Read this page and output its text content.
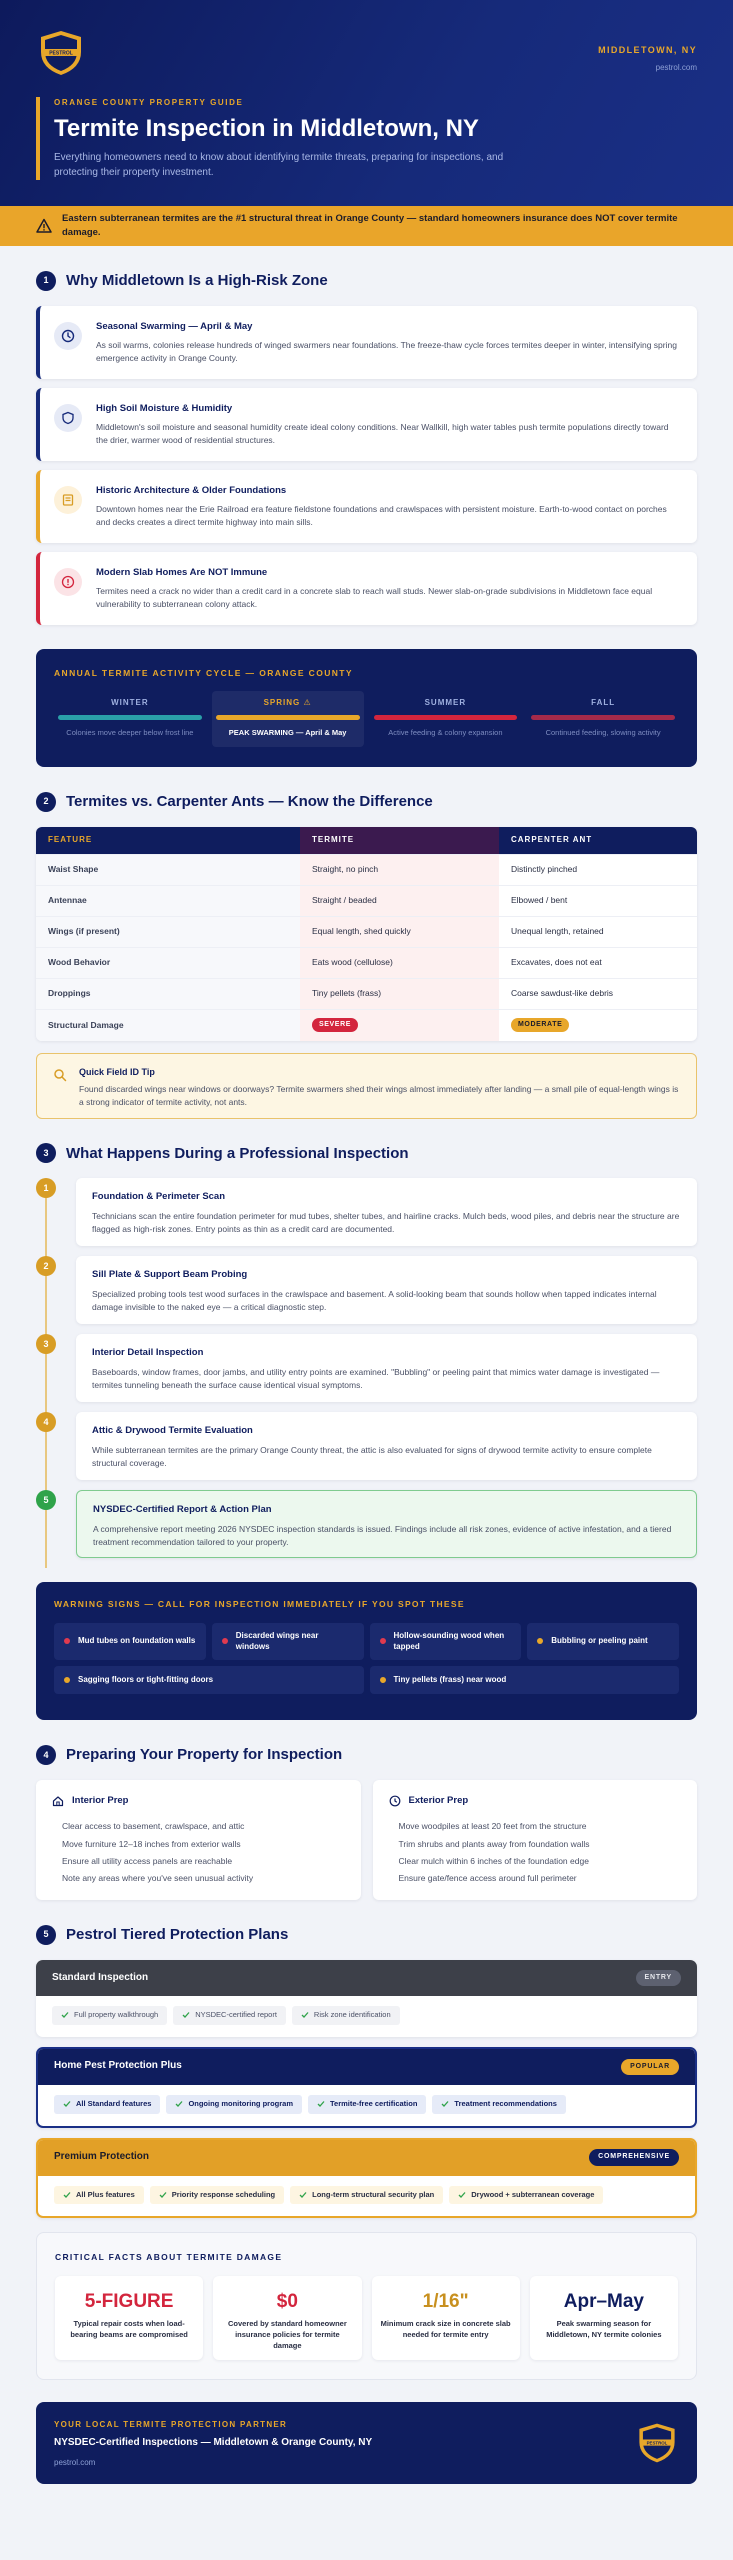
PESTROL	MIDDLETOWN, NY
pestrol.com
ORANGE COUNTY PROPERTY GUIDE
Termite Inspection in Middletown, NY

Everything homeowners need to know about identifying termite threats, preparing for inspections, and protecting their property investment.

Eastern subterranean termites are the #1 structural threat in Orange County — standard homeowners insurance does NOT cover termite damage.
1	Why Middletown Is a High-Risk Zone
Seasonal Swarming — April & May
As soil warms, colonies release hundreds of winged swarmers near foundations. The freeze-thaw cycle forces termites deeper in winter, intensifying spring emergence activity in Orange County.
High Soil Moisture & Humidity
Middletown's soil moisture and seasonal humidity create ideal colony conditions. Near Wallkill, high water tables push termite populations directly toward the drier, warmer wood of residential structures.
Historic Architecture & Older Foundations
Downtown homes near the Erie Railroad era feature fieldstone foundations and crawlspaces with persistent moisture. Earth-to-wood contact on porches and decks creates a direct termite highway into main sills.
Modern Slab Homes Are NOT Immune
Termites need a crack no wider than a credit card in a concrete slab to reach wall studs. Newer slab-on-grade subdivisions in Middletown face equal vulnerability to subterranean colony attack.
ANNUAL TERMITE ACTIVITY CYCLE — ORANGE COUNTY
WINTER
Colonies move deeper below frost line
SPRING ⚠
PEAK SWARMING — April & May
SUMMER
Active feeding & colony expansion
FALL
Continued feeding, slowing activity
2	Termites vs. Carpenter Ants — Know the Difference
FEATURE	TERMITE	CARPENTER ANT
Waist Shape	Straight, no pinch	Distinctly pinched
Antennae	Straight / beaded	Elbowed / bent
Wings (if present)	Equal length, shed quickly	Unequal length, retained
Wood Behavior	Eats wood (cellulose)	Excavates, does not eat
Droppings	Tiny pellets (frass)	Coarse sawdust-like debris
Structural Damage	SEVERE	MODERATE
Quick Field ID Tip
Found discarded wings near windows or doorways? Termite swarmers shed their wings almost immediately after landing — a small pile of equal-length wings is a strong indicator of termite activity, not ants.
3	What Happens During a Professional Inspection
1
Foundation & Perimeter Scan
Technicians scan the entire foundation perimeter for mud tubes, shelter tubes, and hairline cracks. Mulch beds, wood piles, and debris near the structure are flagged as high-risk zones. Entry points as thin as a credit card are documented.
2
Sill Plate & Support Beam Probing
Specialized probing tools test wood surfaces in the crawlspace and basement. A solid-looking beam that sounds hollow when tapped indicates internal damage invisible to the naked eye — a critical diagnostic step.
3
Interior Detail Inspection
Baseboards, window frames, door jambs, and utility entry points are examined. "Bubbling" or peeling paint that mimics water damage is investigated — termites tunneling beneath the surface cause identical visual symptoms.
4
Attic & Drywood Termite Evaluation
While subterranean termites are the primary Orange County threat, the attic is also evaluated for signs of drywood termite activity to ensure complete structural coverage.
5
NYSDEC-Certified Report & Action Plan
A comprehensive report meeting 2026 NYSDEC inspection standards is issued. Findings include all risk zones, evidence of active infestation, and a tiered treatment recommendation tailored to your property.
WARNING SIGNS — CALL FOR INSPECTION IMMEDIATELY IF YOU SPOT THESE
Mud tubes on foundation walls
Discarded wings near windows
Hollow-sounding wood when tapped
Bubbling or peeling paint
Sagging floors or tight-fitting doors	Tiny pellets (frass) near wood
4	Preparing Your Property for Inspection
Interior Prep
Clear access to basement, crawlspace, and attic
Move furniture 12–18 inches from exterior walls
Ensure all utility access panels are reachable
Note any areas where you've seen unusual activity
Exterior Prep
Move woodpiles at least 20 feet from the structure
Trim shrubs and plants away from foundation walls
Clear mulch within 6 inches of the foundation edge
Ensure gate/fence access around full perimeter
5	Pestrol Tiered Protection Plans
Standard Inspection	ENTRY
Full property walkthrough	NYSDEC-certified report	Risk zone identification
Home Pest Protection Plus	POPULAR
All Standard features	Ongoing monitoring program	Termite-free certification	Treatment recommendations
Premium Protection	COMPREHENSIVE
All Plus features	Priority response scheduling	Long-term structural security plan	Drywood + subterranean coverage
CRITICAL FACTS ABOUT TERMITE DAMAGE
5-FIGURE
Typical repair costs when load-bearing beams are compromised
$0
Covered by standard homeowner insurance policies for termite damage
1/16"
Minimum crack size in concrete slab needed for termite entry
Apr–May
Peak swarming season for Middletown, NY termite colonies
YOUR LOCAL TERMITE PROTECTION PARTNER
NYSDEC-Certified Inspections — Middletown & Orange County, NY
pestrol.com
PESTROL
